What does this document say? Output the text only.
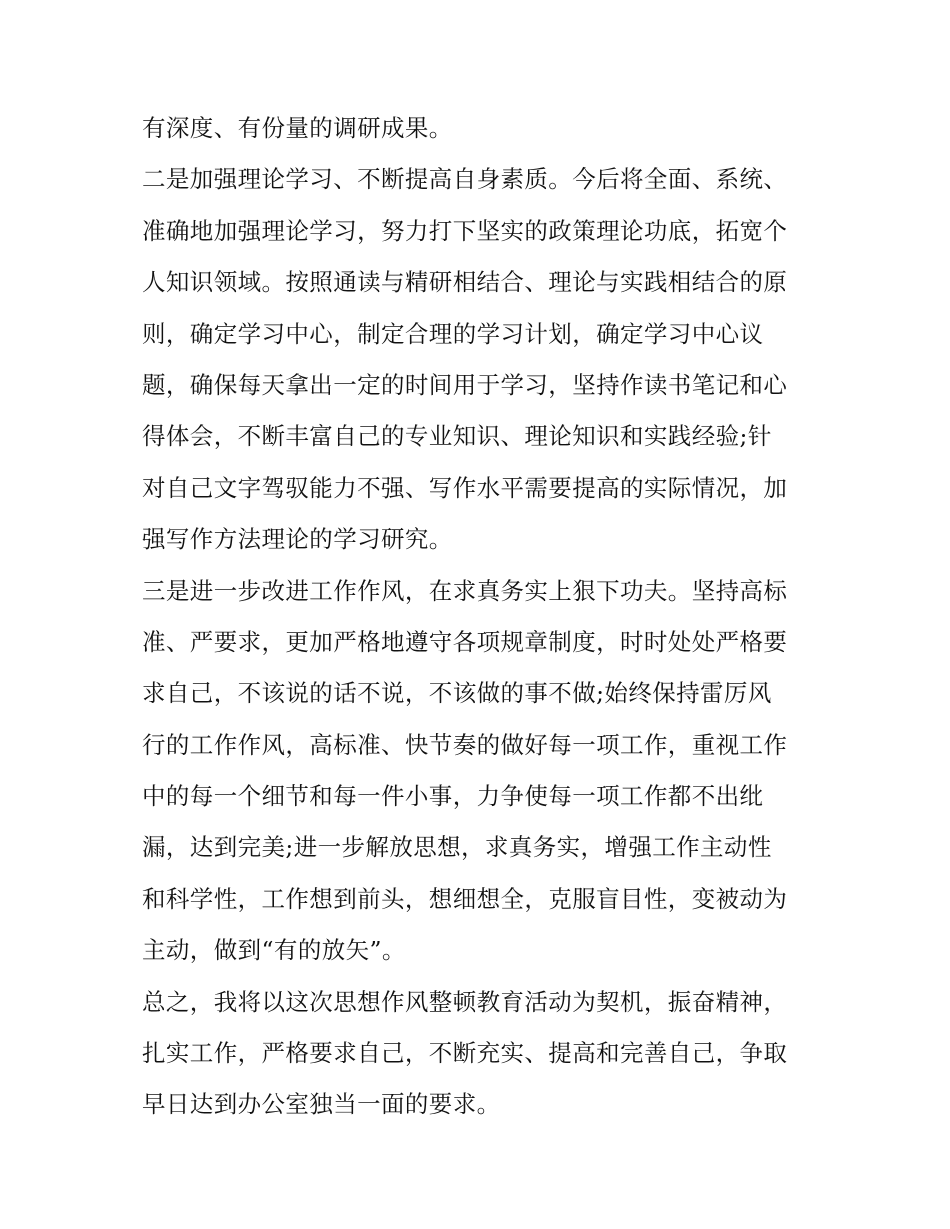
有深度、有份量的调研成果。
二是加强理论学习、不断提高自身素质。今后将全面、系统、
准确地加强理论学习，努力打下坚实的政策理论功底，拓宽个
人知识领域。按照通读与精研相结合、理论与实践相结合的原
则，确定学习中心，制定合理的学习计划，确定学习中心议
题，确保每天拿出一定的时间用于学习，坚持作读书笔记和心
得体会，不断丰富自己的专业知识、理论知识和实践经验;针
对自己文字驾驭能力不强、写作水平需要提高的实际情况，加
强写作方法理论的学习研究。
三是进一步改进工作作风，在求真务实上狠下功夫。坚持高标
准、严要求，更加严格地遵守各项规章制度，时时处处严格要
求自己，不该说的话不说，不该做的事不做;始终保持雷厉风
行的工作作风，高标准、快节奏的做好每一项工作，重视工作
中的每一个细节和每一件小事，力争使每一项工作都不出纰
漏，达到完美;进一步解放思想，求真务实，增强工作主动性
和科学性，工作想到前头，想细想全，克服盲目性，变被动为
主动，做到“有的放矢”。
总之，我将以这次思想作风整顿教育活动为契机，振奋精神，
扎实工作，严格要求自己，不断充实、提高和完善自己，争取
早日达到办公室独当一面的要求。
